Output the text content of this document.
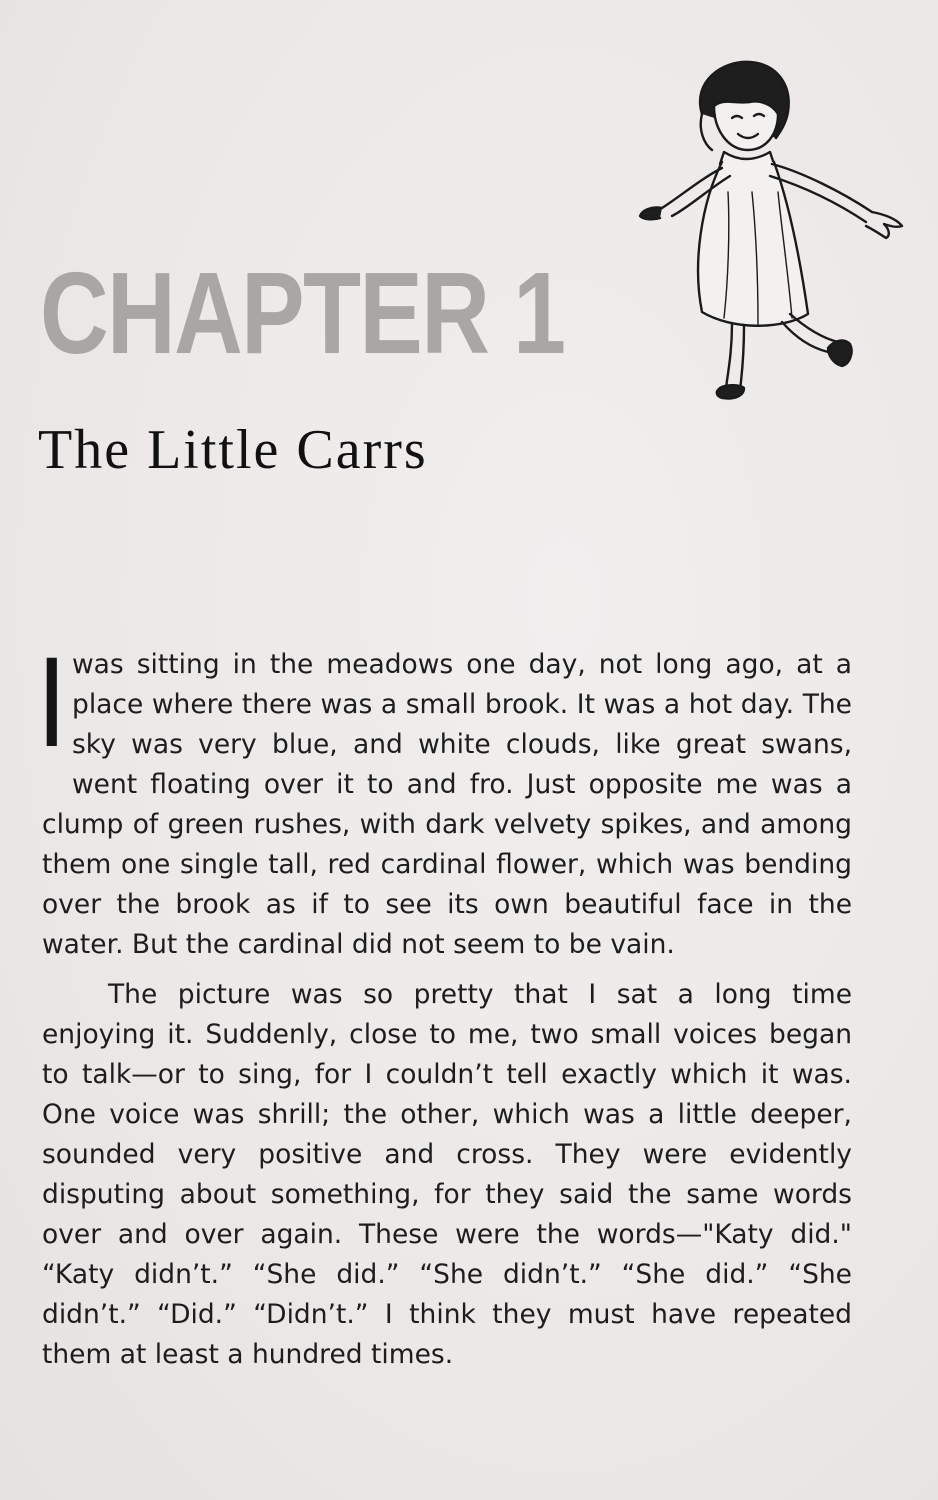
CHAPTER 1
The Little Carrs

I was sitting in the meadows one day, not long ago, at a place where there was a small brook. It was a hot day. The sky was very blue, and white clouds, like great swans, went floating over it to and fro. Just opposite me was a clump of green rushes, with dark velvety spikes, and among them one single tall, red cardinal flower, which was bending over the brook as if to see its own beautiful face in the water. But the cardinal did not seem to be vain.

The picture was so pretty that I sat a long time enjoying it. Suddenly, close to me, two small voices began to talk—or to sing, for I couldn’t tell exactly which it was. One voice was shrill; the other, which was a little deeper, sounded very positive and cross. They were evidently disputing about something, for they said the same words over and over again. These were the words—"Katy did." “Katy didn’t.” “She did.” “She didn’t.” “She did.” “She didn’t.” “Did.” “Didn’t.” I think they must have repeated them at least a hundred times.
